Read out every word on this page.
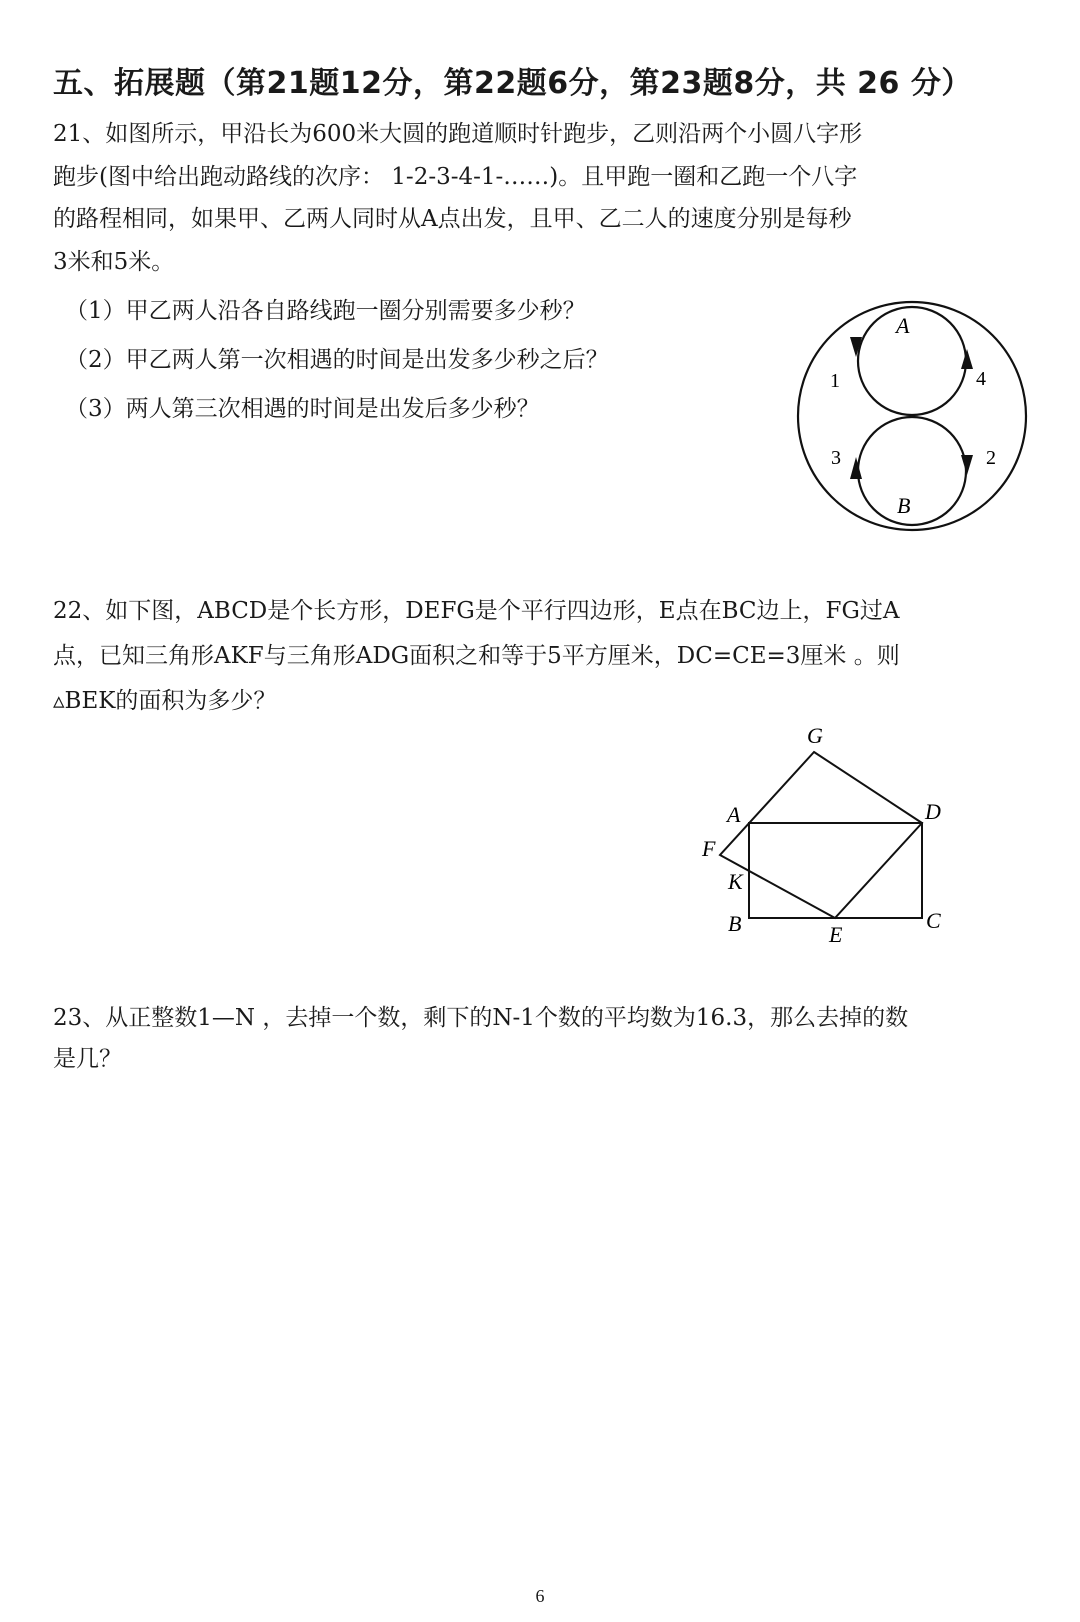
五、拓展题（第21题12分，第22题6分，第23题8分，共 26 分）
21、如图所示，甲沿长为600米大圆的跑道顺时针跑步，乙则沿两个小圆八字形
跑步(图中给出跑动路线的次序： 1-2-3-4-1-……)。且甲跑一圈和乙跑一个八字
的路程相同，如果甲、乙两人同时从A点出发，且甲、乙二人的速度分别是每秒
3米和5米。
（1）甲乙两人沿各自路线跑一圈分别需要多少秒？
（2）甲乙两人第一次相遇的时间是出发多少秒之后？
（3）两人第三次相遇的时间是出发后多少秒？
A
B
1	4
3	2
22、如下图，ABCD是个长方形，DEFG是个平行四边形，E点在BC边上，FG过A
点，已知三角形AKF与三角形ADG面积之和等于5平方厘米，DC=CE=3厘米 。则
▵BEK的面积为多少？
G
A	D
F
K
B	E
C
23、从正整数1—N ，去掉一个数，剩下的N-1个数的平均数为16.3，那么去掉的数
是几？
6
